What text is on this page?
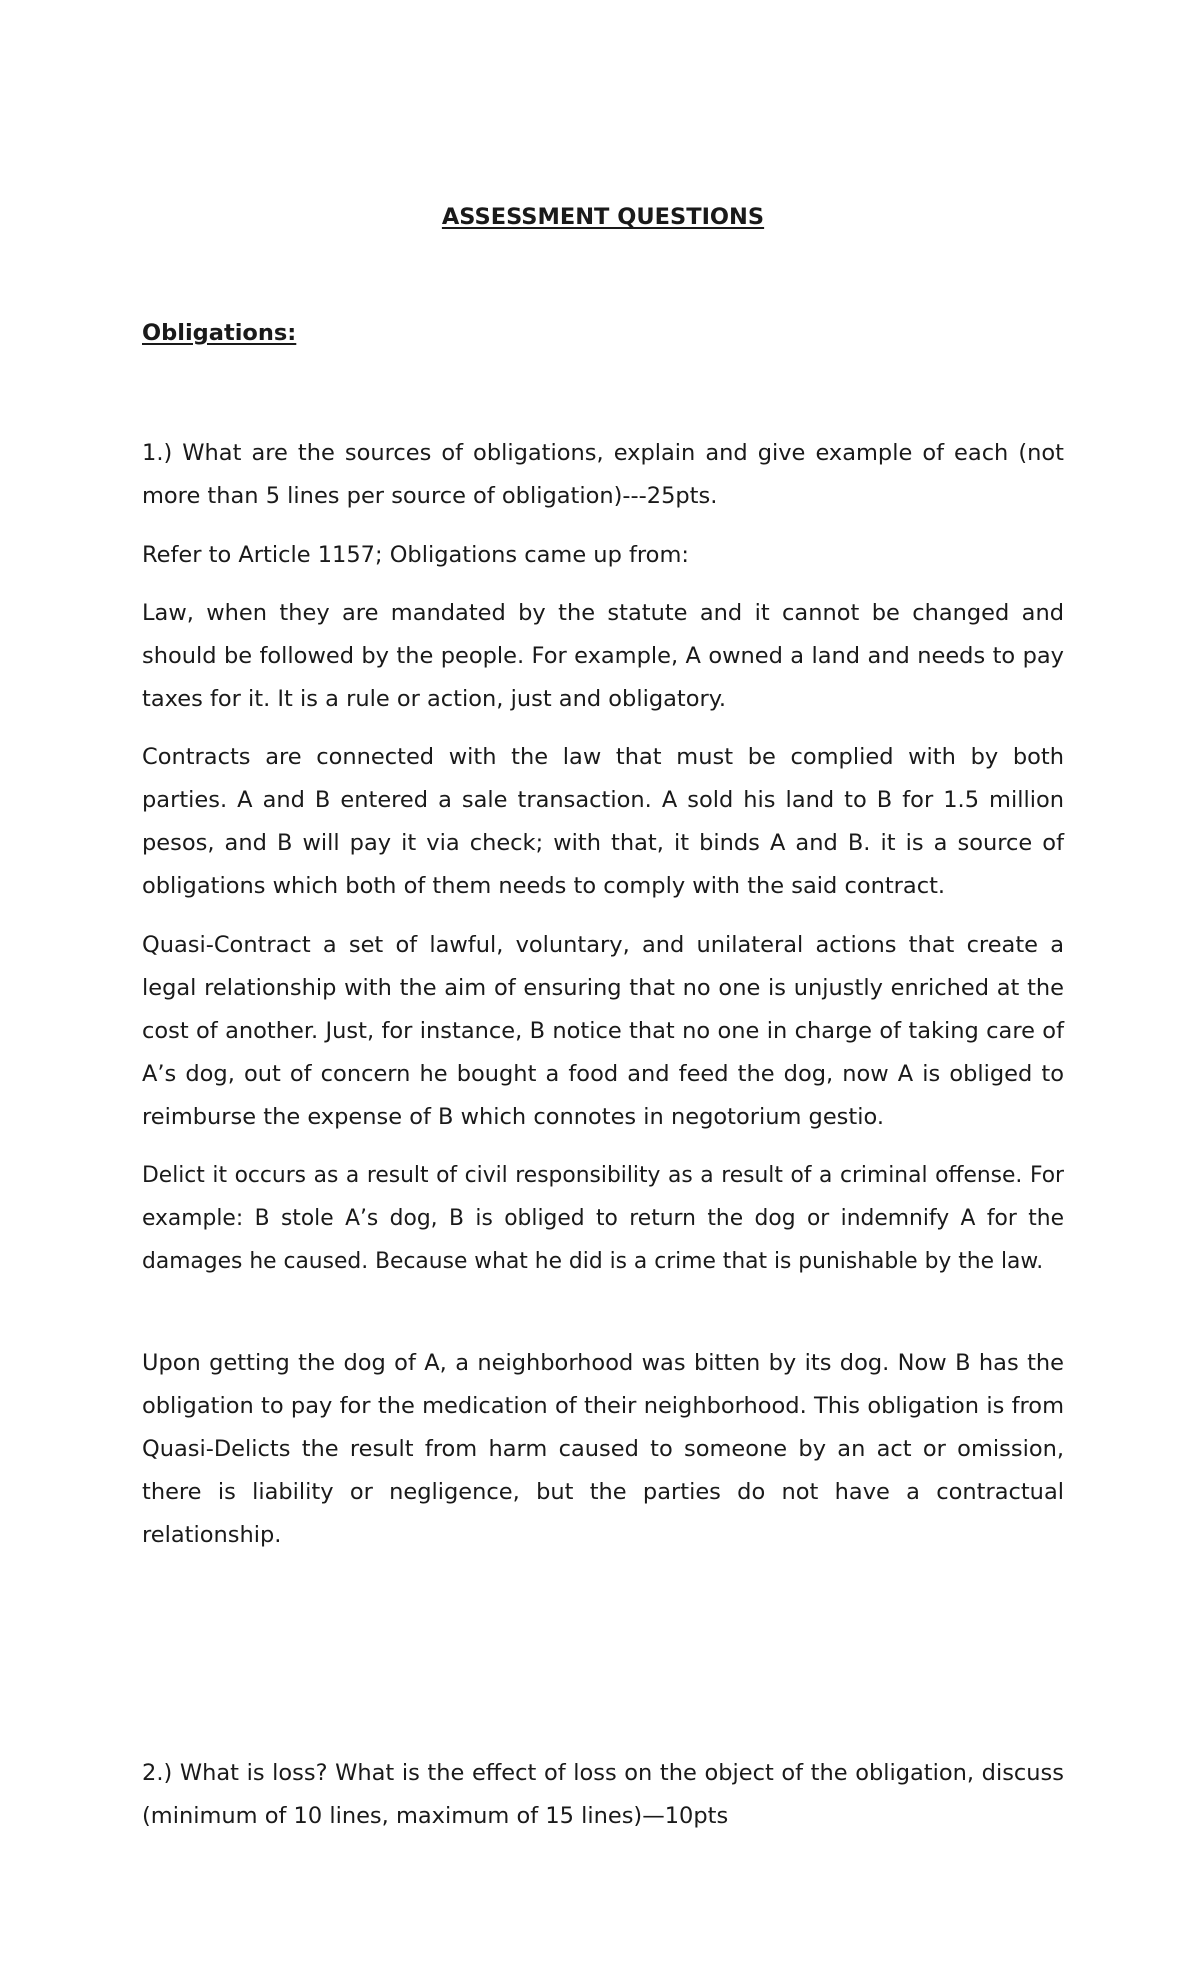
ASSESSMENT QUESTIONS
Obligations:

1.) What are the sources of obligations, explain and give example of each (not more than 5 lines per source of obligation)---25pts.

Refer to Article 1157; Obligations came up from:

Law, when they are mandated by the statute and it cannot be changed and should be followed by the people. For example, A owned a land and needs to pay taxes for it. It is a rule or action, just and obligatory.

Contracts are connected with the law that must be complied with by both parties. A and B entered a sale transaction. A sold his land to B for 1.5 million pesos, and B will pay it via check; with that, it binds A and B. it is a source of obligations which both of them needs to comply with the said contract.

Quasi-Contract a set of lawful, voluntary, and unilateral actions that create a legal relationship with the aim of ensuring that no one is unjustly enriched at the cost of another. Just, for instance, B notice that no one in charge of taking care of A’s dog, out of concern he bought a food and feed the dog, now A is obliged to reimburse the expense of B which connotes in negotorium gestio.

Delict it occurs as a result of civil responsibility as a result of a criminal offense. For example: B stole A’s dog, B is obliged to return the dog or indemnify A for the damages he caused. Because what he did is a crime that is punishable by the law.

Upon getting the dog of A, a neighborhood was bitten by its dog. Now B has the obligation to pay for the medication of their neighborhood. This obligation is from Quasi-Delicts the result from harm caused to someone by an act or omission, there is liability or negligence, but the parties do not have a contractual relationship.

2.) What is loss? What is the effect of loss on the object of the obligation, discuss (minimum of 10 lines, maximum of 15 lines)—10pts
